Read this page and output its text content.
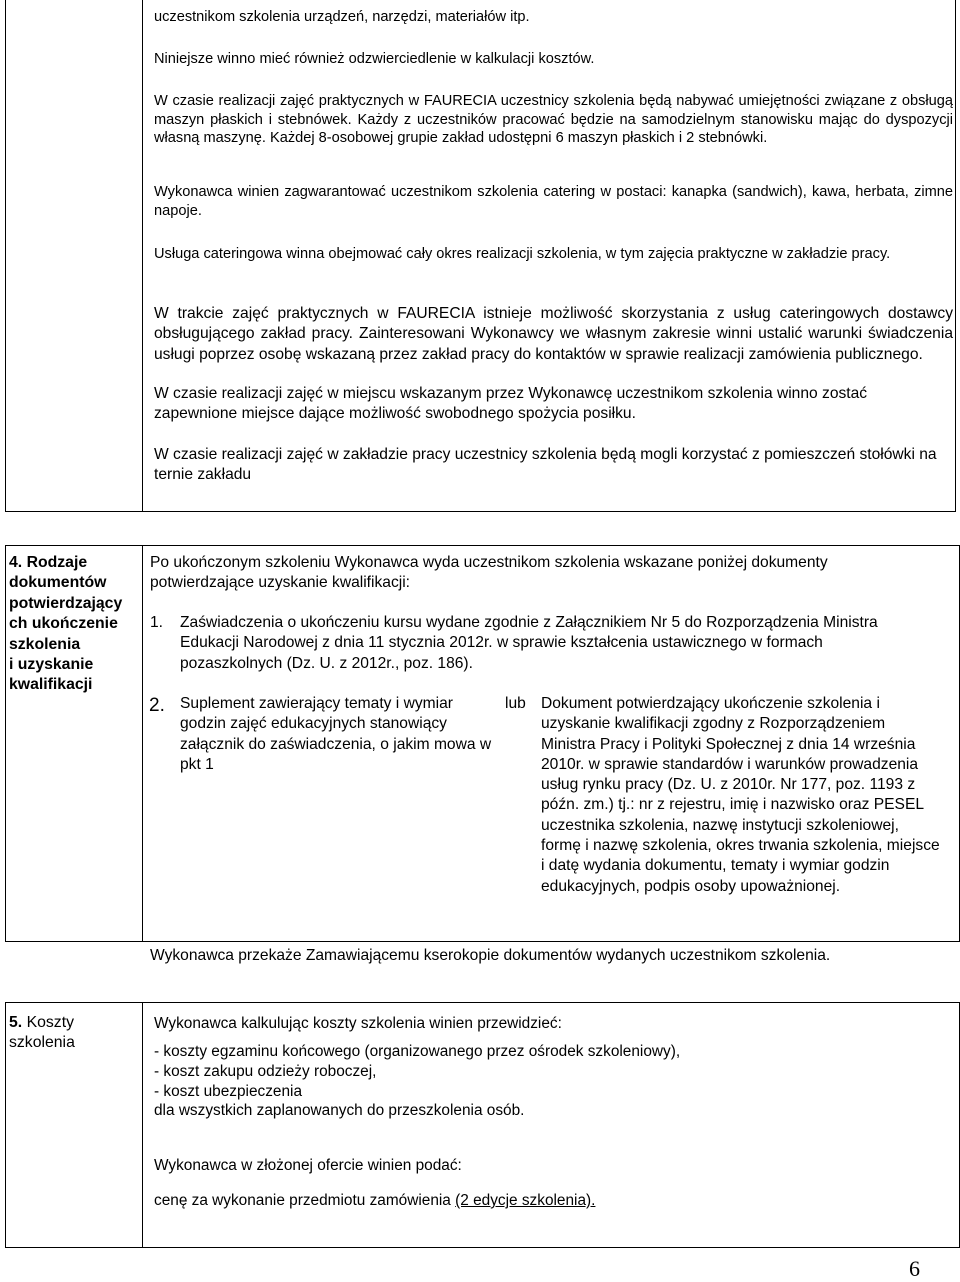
uczestnikom szkolenia urządzeń, narzędzi, materiałów itp.

Niniejsze winno mieć również odzwierciedlenie w kalkulacji kosztów.

W czasie realizacji zajęć praktycznych w FAURECIA uczestnicy szkolenia będą nabywać umiejętności związane z obsługą maszyn płaskich i stebnówek. Każdy z uczestników pracować będzie na samodzielnym stanowisku mając do dyspozycji własną maszynę. Każdej 8-osobowej grupie zakład udostępni 6 maszyn płaskich i 2 stebnówki.

Wykonawca winien zagwarantować uczestnikom szkolenia catering w postaci: kanapka (sandwich), kawa, herbata, zimne napoje.

Usługa cateringowa winna obejmować cały okres realizacji szkolenia, w tym zajęcia praktyczne w zakładzie pracy.

W trakcie zajęć praktycznych w FAURECIA istnieje możliwość skorzystania z usług cateringowych dostawcy obsługującego zakład pracy. Zainteresowani Wykonawcy we własnym zakresie winni ustalić warunki świadczenia usługi poprzez osobę wskazaną przez zakład pracy do kontaktów w sprawie realizacji zamówienia publicznego.

W czasie realizacji zajęć w miejscu wskazanym przez Wykonawcę uczestnikom szkolenia winno zostać zapewnione miejsce dające możliwość swobodnego spożycia posiłku.

W czasie realizacji zajęć w zakładzie pracy uczestnicy szkolenia będą mogli korzystać z pomieszczeń stołówki na ternie zakładu

4. Rodzaje
dokumentów
potwierdzający
ch ukończenie
szkolenia
i uzyskanie
kwalifikacji

Po ukończonym szkoleniu Wykonawca wyda uczestnikom szkolenia wskazane poniżej dokumenty potwierdzające uzyskanie kwalifikacji:

1. Zaświadczenia o ukończeniu kursu wydane zgodnie z Załącznikiem Nr 5 do Rozporządzenia Ministra Edukacji Narodowej z dnia 11 stycznia 2012r. w sprawie kształcenia ustawicznego w formach pozaszkolnych (Dz. U. z 2012r., poz. 186).

2. Suplement zawierający tematy i wymiar godzin zajęć edukacyjnych stanowiący załącznik do zaświadczenia, o jakim mowa w pkt 1

lub Dokument potwierdzający ukończenie szkolenia i uzyskanie kwalifikacji zgodny z Rozporządzeniem Ministra Pracy i Polityki Społecznej z dnia 14 września 2010r. w sprawie standardów i warunków prowadzenia usług rynku pracy (Dz. U. z 2010r. Nr 177, poz. 1193 z późn. zm.) tj.: nr z rejestru, imię i nazwisko oraz PESEL uczestnika szkolenia, nazwę instytucji szkoleniowej, formę i nazwę szkolenia, okres trwania szkolenia, miejsce i datę wydania dokumentu, tematy i wymiar godzin edukacyjnych, podpis osoby upoważnionej.

Wykonawca przekaże Zamawiającemu kserokopie dokumentów wydanych uczestnikom szkolenia.

5. Koszty
szkolenia

Wykonawca kalkulując koszty szkolenia winien przewidzieć:

- koszty egzaminu końcowego (organizowanego przez ośrodek szkoleniowy),
- koszt zakupu odzieży roboczej,
- koszt ubezpieczenia
dla wszystkich zaplanowanych do przeszkolenia osób.

Wykonawca w złożonej ofercie winien podać:

cenę za wykonanie przedmiotu zamówienia (2 edycje szkolenia).

6
